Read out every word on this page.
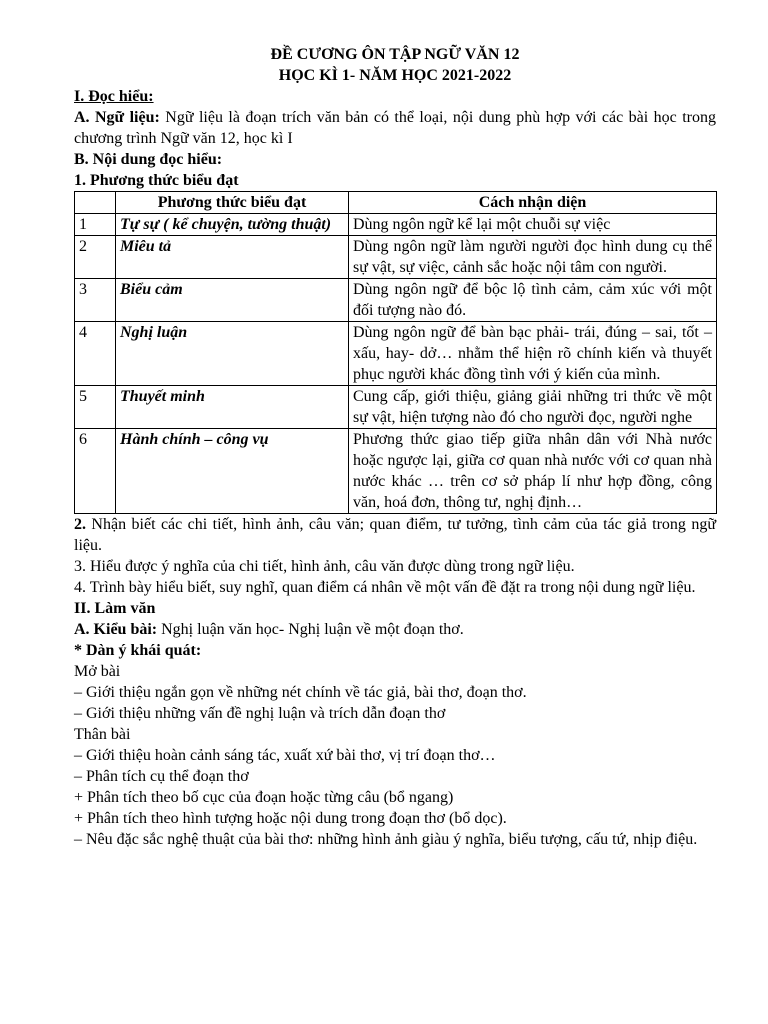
ĐỀ CƯƠNG ÔN TẬP NGỮ VĂN 12
HỌC KÌ 1- NĂM HỌC 2021-2022
I. Đọc hiểu:
A. Ngữ liệu: Ngữ liệu là đoạn trích văn bản có thể loại, nội dung phù hợp với các bài học trong chương trình Ngữ văn 12, học kì I
B. Nội dung đọc hiểu:
1. Phương thức biểu đạt
	Phương thức biểu đạt	Cách nhận diện
1	Tự sự ( kể chuyện, tường thuật)	Dùng ngôn ngữ kể lại một chuỗi sự việc
2	Miêu tả	Dùng ngôn ngữ làm người người đọc hình dung cụ thể sự vật, sự việc, cảnh sắc hoặc nội tâm con người.
3	Biểu cảm	Dùng ngôn ngữ để bộc lộ tình cảm, cảm xúc với một đối tượng nào đó.
4	Nghị luận	Dùng ngôn ngữ để bàn bạc phải- trái, đúng – sai, tốt – xấu, hay- dở… nhằm thể hiện rõ chính kiến và thuyết phục người khác đồng tình với ý kiến của mình.
5	Thuyết minh	Cung cấp, giới thiệu, giảng giải những tri thức về một sự vật, hiện tượng nào đó cho người đọc, người nghe
6	Hành chính – công vụ	Phương thức giao tiếp giữa nhân dân với Nhà nước hoặc ngược lại, giữa cơ quan nhà nước với cơ quan nhà nước khác … trên cơ sở pháp lí như hợp đồng, công văn, hoá đơn, thông tư, nghị định…
2. Nhận biết các chi tiết, hình ảnh, câu văn; quan điểm, tư tưởng, tình cảm của tác giả trong ngữ liệu.
3. Hiểu được ý nghĩa của chi tiết, hình ảnh, câu văn được dùng trong ngữ liệu.
4. Trình bày hiểu biết, suy nghĩ, quan điểm cá nhân về một vấn đề đặt ra trong nội dung ngữ liệu.
II. Làm văn
A. Kiểu bài: Nghị luận văn học- Nghị luận về một đoạn thơ.
* Dàn ý khái quát:
Mở bài
– Giới thiệu ngắn gọn về những nét chính về tác giả, bài thơ, đoạn thơ.
– Giới thiệu những vấn đề nghị luận và trích dẫn đoạn thơ
Thân bài
– Giới thiệu hoàn cảnh sáng tác, xuất xứ bài thơ, vị trí đoạn thơ…
– Phân tích cụ thể đoạn thơ
+ Phân tích theo bố cục của đoạn hoặc từng câu (bổ ngang)
+ Phân tích theo hình tượng hoặc nội dung trong đoạn thơ (bổ dọc).
– Nêu đặc sắc nghệ thuật của bài thơ: những hình ảnh giàu ý nghĩa, biểu tượng, cấu tứ, nhịp điệu.
